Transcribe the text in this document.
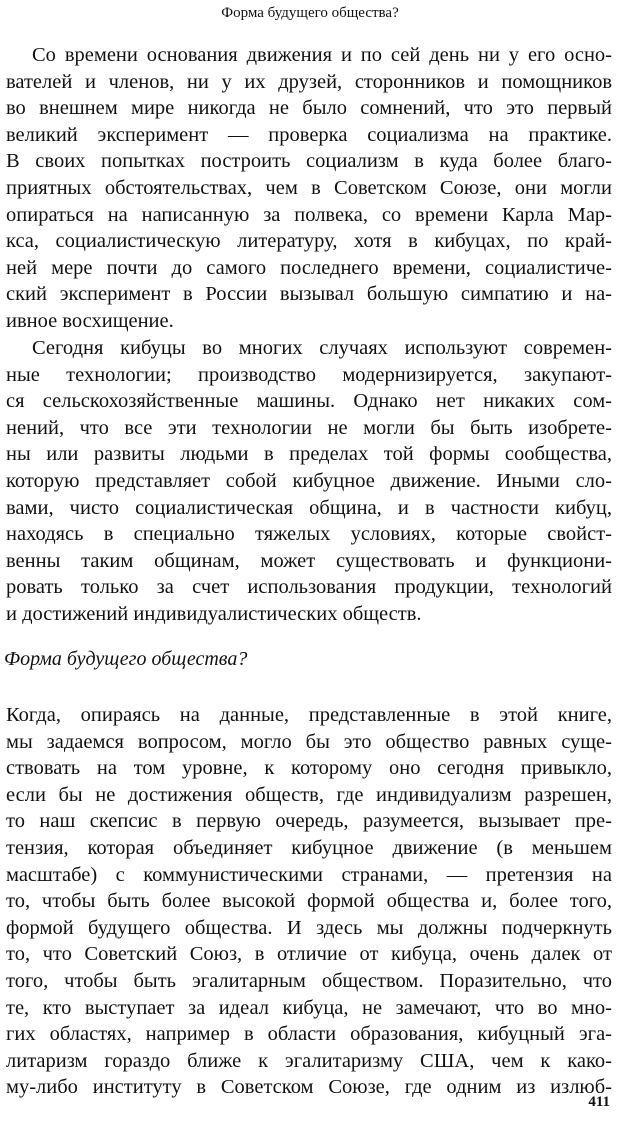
Форма будущего общества?

Со времени основания движения и по сей день ни у его осно-
вателей и членов, ни у их друзей, сторонников и помощников
во внешнем мире никогда не было сомнений, что это первый
великий эксперимент — проверка социализма на практике.
В своих попытках построить социализм в куда более благо-
приятных обстоятельствах, чем в Советском Союзе, они могли
опираться на написанную за полвека, со времени Карла Мар-
кса, социалистическую литературу, хотя в кибуцах, по край-
ней мере почти до самого последнего времени, социалистиче-
ский эксперимент в России вызывал большую симпатию и на-
ивное восхищение.

Сегодня кибуцы во многих случаях используют современ-
ные технологии; производство модернизируется, закупают-
ся сельскохозяйственные машины. Однако нет никаких сом-
нений, что все эти технологии не могли бы быть изобрете-
ны или развиты людьми в пределах той формы сообщества,
которую представляет собой кибуцное движение. Иными сло-
вами, чисто социалистическая община, и в частности кибуц,
находясь в специально тяжелых условиях, которые свойст-
венны таким общинам, может существовать и функциони-
ровать только за счет использования продукции, технологий
и достижений индивидуалистических обществ.

Форма будущего общества?

Когда, опираясь на данные, представленные в этой книге,
мы задаемся вопросом, могло бы это общество равных суще-
ствовать на том уровне, к которому оно сегодня привыкло,
если бы не достижения обществ, где индивидуализм разрешен,
то наш скепсис в первую очередь, разумеется, вызывает пре-
тензия, которая объединяет кибуцное движение (в меньшем
масштабе) с коммунистическими странами, — претензия на
то, чтобы быть более высокой формой общества и, более того,
формой будущего общества. И здесь мы должны подчеркнуть
то, что Советский Союз, в отличие от кибуца, очень далек от
того, чтобы быть эгалитарным обществом. Поразительно, что
те, кто выступает за идеал кибуца, не замечают, что во мно-
гих областях, например в области образования, кибуцный эга-
литаризм гораздо ближе к эгалитаризму США, чем к како-
му-либо институту в Советском Союзе, где одним из излюб-

411
